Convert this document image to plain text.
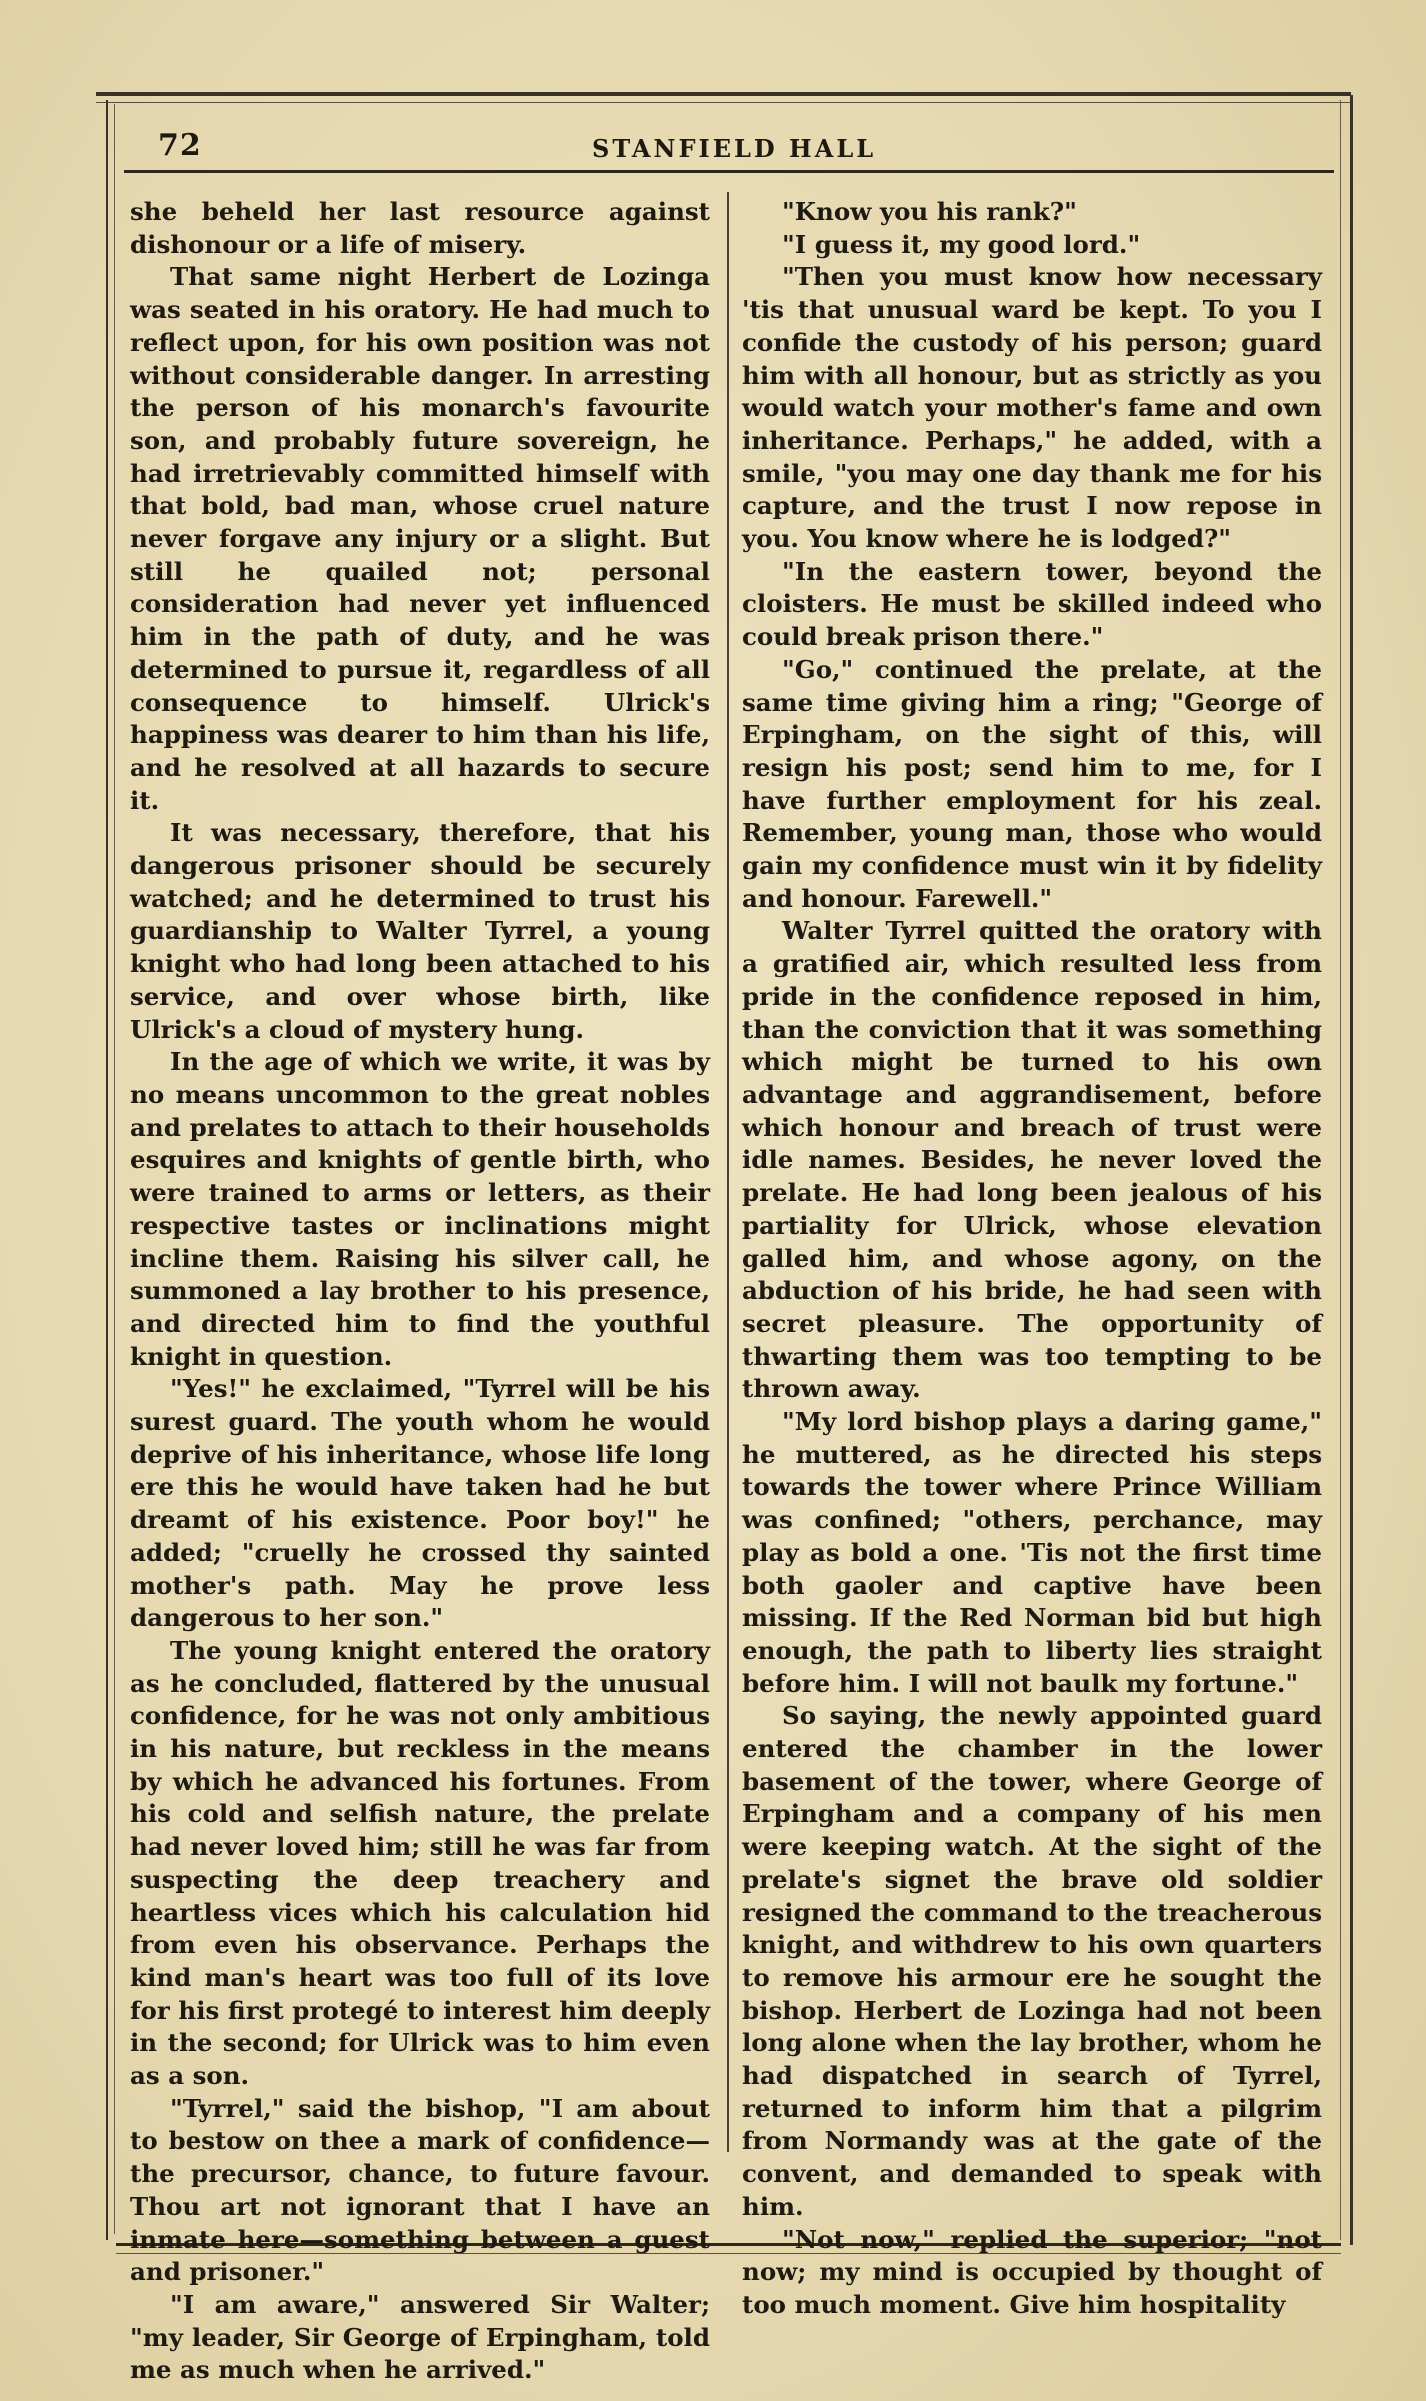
72	STANFIELD HALL

she beheld her last resource against dishonour or a life of misery.

That same night Herbert de Lozinga was seated in his oratory. He had much to reflect upon, for his own position was not without considerable danger. In arresting the person of his monarch's favourite son, and probably future sovereign, he had irretrievably committed himself with that bold, bad man, whose cruel nature never forgave any injury or a slight. But still he quailed not; personal consideration had never yet influenced him in the path of duty, and he was determined to pursue it, regardless of all consequence to himself. Ulrick's happiness was dearer to him than his life, and he resolved at all hazards to secure it.

It was necessary, therefore, that his dangerous prisoner should be securely watched; and he determined to trust his guardianship to Walter Tyrrel, a young knight who had long been attached to his service, and over whose birth, like Ulrick's a cloud of mystery hung.

In the age of which we write, it was by no means uncommon to the great nobles and prelates to attach to their households esquires and knights of gentle birth, who were trained to arms or letters, as their respective tastes or inclinations might incline them. Raising his silver call, he summoned a lay brother to his presence, and directed him to find the youthful knight in question.

"Yes!" he exclaimed, "Tyrrel will be his surest guard. The youth whom he would deprive of his inheritance, whose life long ere this he would have taken had he but dreamt of his existence. Poor boy!" he added; "cruelly he crossed thy sainted mother's path. May he prove less dangerous to her son."

The young knight entered the oratory as he concluded, flattered by the unusual confidence, for he was not only ambitious in his nature, but reckless in the means by which he advanced his fortunes. From his cold and selfish nature, the prelate had never loved him; still he was far from suspecting the deep treachery and heartless vices which his calculation hid from even his observance. Perhaps the kind man's heart was too full of its love for his first protegé to interest him deeply in the second; for Ulrick was to him even as a son.

"Tyrrel," said the bishop, "I am about to bestow on thee a mark of confidence—the precursor, chance, to future favour. Thou art not ignorant that I have an inmate here—something between a guest and prisoner."

"I am aware," answered Sir Walter; "my leader, Sir George of Erpingham, told me as much when he arrived."

"Know you his rank?"

"I guess it, my good lord."

"Then you must know how necessary 'tis that unusual ward be kept. To you I confide the custody of his person; guard him with all honour, but as strictly as you would watch your mother's fame and own inheritance. Perhaps," he added, with a smile, "you may one day thank me for his capture, and the trust I now repose in you. You know where he is lodged?"

"In the eastern tower, beyond the cloisters. He must be skilled indeed who could break prison there."

"Go," continued the prelate, at the same time giving him a ring; "George of Erpingham, on the sight of this, will resign his post; send him to me, for I have further employment for his zeal. Remember, young man, those who would gain my confidence must win it by fidelity and honour. Farewell."

Walter Tyrrel quitted the oratory with a gratified air, which resulted less from pride in the confidence reposed in him, than the conviction that it was something which might be turned to his own advantage and aggrandisement, before which honour and breach of trust were idle names. Besides, he never loved the prelate. He had long been jealous of his partiality for Ulrick, whose elevation galled him, and whose agony, on the abduction of his bride, he had seen with secret pleasure. The opportunity of thwarting them was too tempting to be thrown away.

"My lord bishop plays a daring game," he muttered, as he directed his steps towards the tower where Prince William was confined; "others, perchance, may play as bold a one. 'Tis not the first time both gaoler and captive have been missing. If the Red Norman bid but high enough, the path to liberty lies straight before him. I will not baulk my fortune."

So saying, the newly appointed guard entered the chamber in the lower basement of the tower, where George of Erpingham and a company of his men were keeping watch. At the sight of the prelate's signet the brave old soldier resigned the command to the treacherous knight, and withdrew to his own quarters to remove his armour ere he sought the bishop. Herbert de Lozinga had not been long alone when the lay brother, whom he had dispatched in search of Tyrrel, returned to inform him that a pilgrim from Normandy was at the gate of the convent, and demanded to speak with him.

"Not now," replied the superior; "not now; my mind is occupied by thought of too much moment. Give him hospitality
